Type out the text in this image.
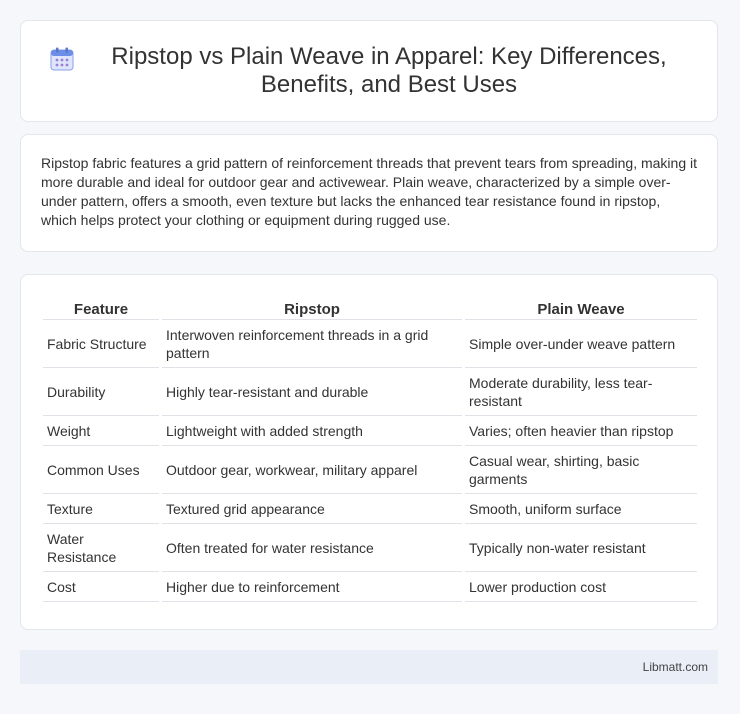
Ripstop vs Plain Weave in Apparel: Key Differences, Benefits, and Best Uses

Ripstop fabric features a grid pattern of reinforcement threads that prevent tears from spreading, making it more durable and ideal for outdoor gear and activewear. Plain weave, characterized by a simple over-under pattern, offers a smooth, even texture but lacks the enhanced tear resistance found in ripstop, which helps protect your clothing or equipment during rugged use.

Feature	Ripstop	Plain Weave
Fabric Structure	Interwoven reinforcement threads in a grid pattern	Simple over-under weave pattern
Durability	Highly tear-resistant and durable	Moderate durability, less tear-resistant
Weight	Lightweight with added strength	Varies; often heavier than ripstop
Common Uses	Outdoor gear, workwear, military apparel	Casual wear, shirting, basic garments
Texture	Textured grid appearance	Smooth, uniform surface
Water Resistance	Often treated for water resistance	Typically non-water resistant
Cost	Higher due to reinforcement	Lower production cost
Libmatt.com
